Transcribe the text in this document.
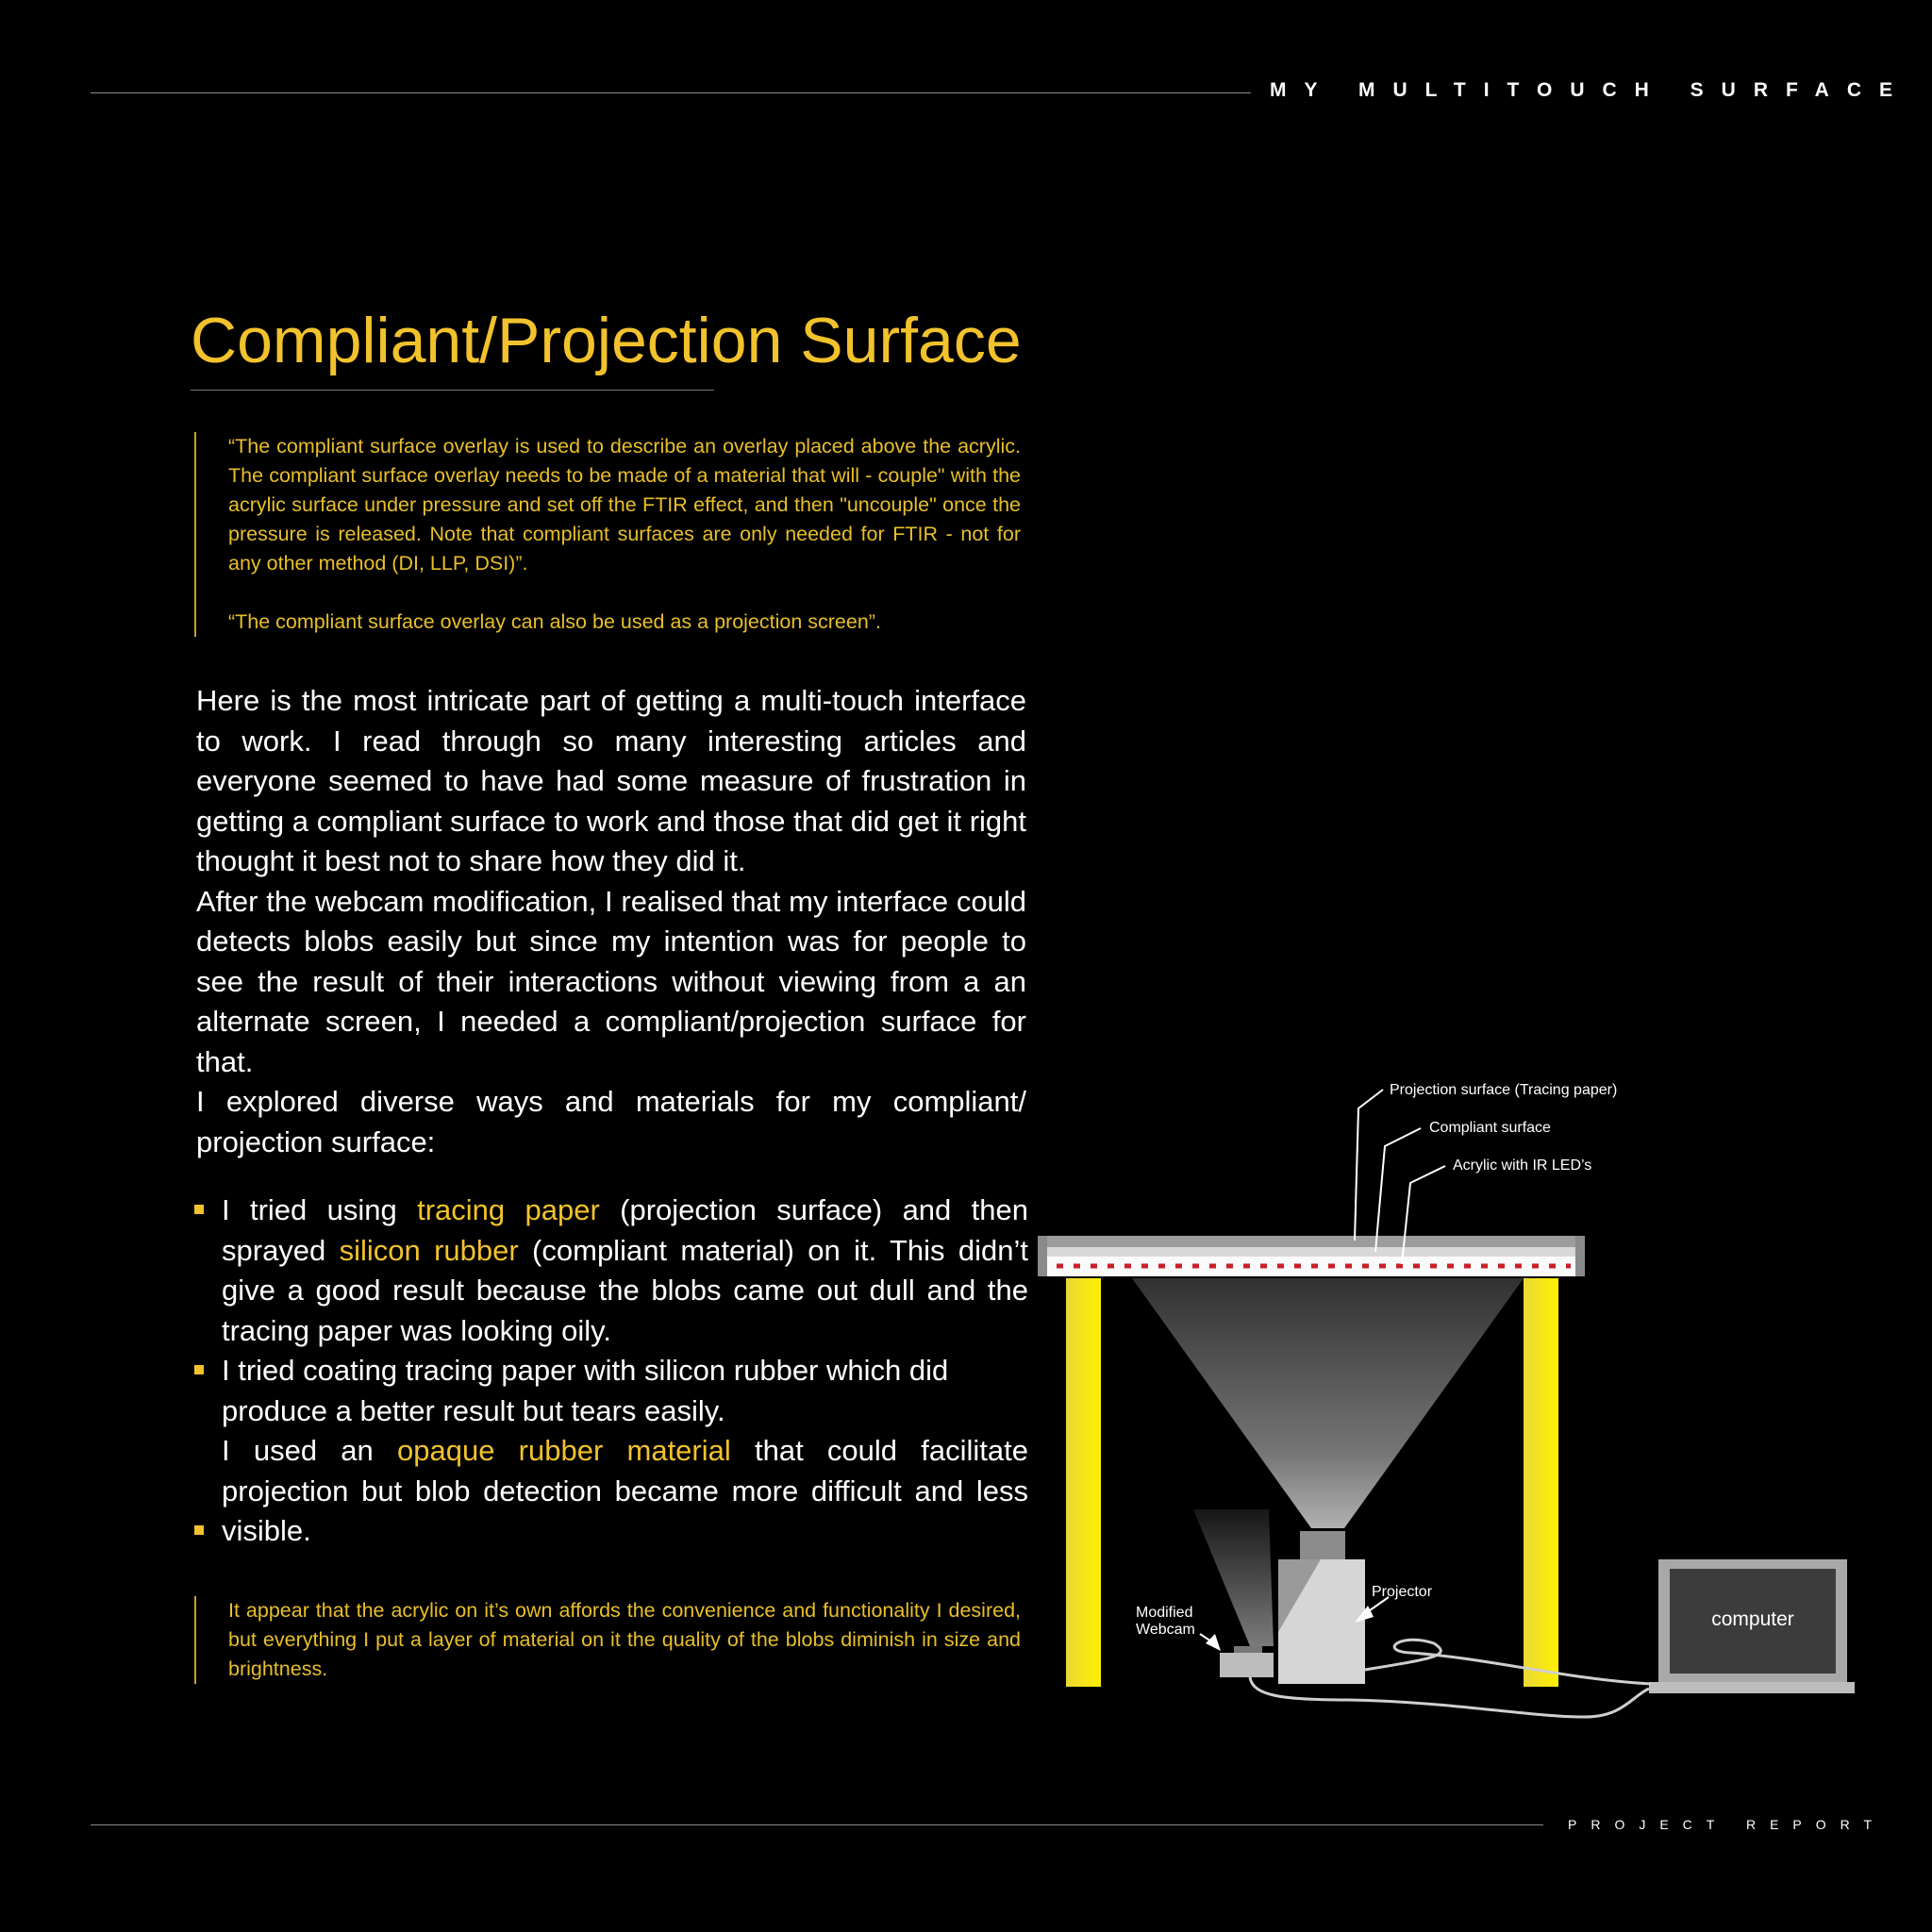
MY MULTITOUCH SURFACE
Compliant/Projection Surface

“The compliant surface overlay is used to describe an overlay placed above the acrylic. The compliant surface overlay needs to be made of a material that will - couple" with the acrylic surface under pressure and set off the FTIR effect, and then "uncouple" once the pressure is released. Note that compliant surfaces are only needed for FTIR - not for any other method (DI, LLP, DSI)”.

“The compliant surface overlay can also be used as a projection screen”.

Here is the most intricate part of getting a multi-touch interface to work. I read through so many interesting articles and everyone seemed to have had some measure of frustration in getting a compliant surface to work and those that did get it right thought it best not to share how they did it.

After the webcam modification, I realised that my interface could detects blobs easily but since my intention was for people to see the result of their interactions without viewing from a an alternate screen, I needed a compliant/projection surface for that.

I explored diverse ways and materials for my compliant/ projection surface:

I tried using tracing paper (projection surface) and then sprayed silicon rubber (compliant material) on it. This didn’t give a good result because the blobs came out dull and the tracing paper was looking oily.
I tried coating tracing paper with silicon rubber which did produce a better result but tears easily.
I used an opaque rubber material that could facilitate projection but blob detection became more difficult and less visible.

It appear that the acrylic on it’s own affords the convenience and functionality I desired, but everything I put a layer of material on it the quality of the blobs diminish in size and brightness.

Projection surface (Tracing paper)
Compliant surface
Acrylic with IR LED’s
Projector
Modified
Webcam	computer
PROJECT REPORT
